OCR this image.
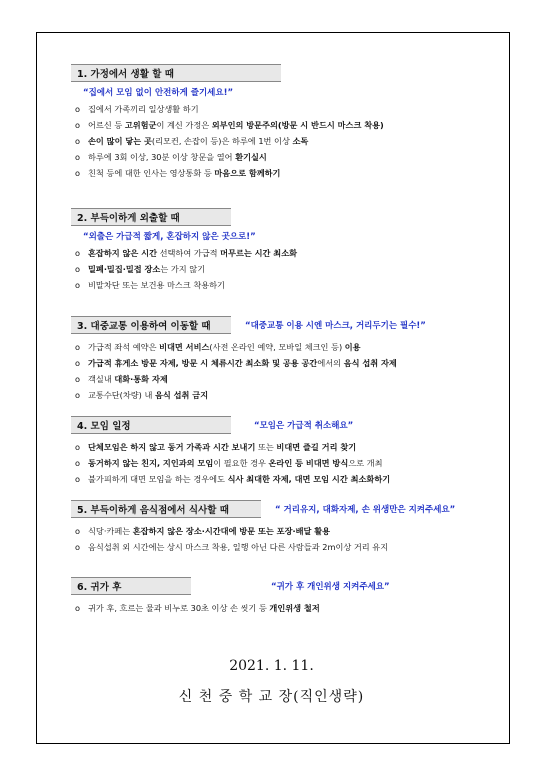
1. 가정에서 생활 할 때
“집에서 모임 없이 안전하게 즐기세요!”
o 집에서 가족끼리 일상생활 하기
o 어르신 등 고위험군이 계신 가정은 외부인의 방문주의(방문 시 반드시 마스크 착용)
o 손이 많이 닿는 곳(리모컨, 손잡이 등)은 하루에 1번 이상 소독
o 하루에 3회 이상, 30분 이상 창문을 열어 환기실시
o 친척 등에 대한 인사는 영상통화 등 마음으로 함께하기
2. 부득이하게 외출할 때
“외출은 가급적 짧게, 혼잡하지 않은 곳으로!”
o 혼잡하지 않은 시간 선택하여 가급적 머무르는 시간 최소화
o 밀폐·밀집·밀접 장소는 가지 않기
o 비말차단 또는 보건용 마스크 착용하기
3. 대중교통 이용하여 이동할 때	“대중교통 이용 시엔 마스크, 거리두기는 필수!”
o 가급적 좌석 예약은 비대면 서비스(사전 온라인 예약, 모바일 체크인 등) 이용
o 가급적 휴게소 방문 자제, 방문 시 체류시간 최소화 및 공용 공간에서의 음식 섭취 자제
o 객실내 대화·통화 자제
o 교통수단(차량) 내 음식 섭취 금지
4. 모임 일정	“모임은 가급적 취소해요”
o 단체모임은 하지 않고 동거 가족과 시간 보내기 또는 비대면 즐길 거리 찾기
o 동거하지 않는 친지, 지인과의 모임이 필요한 경우 온라인 등 비대면 방식으로 개최
o 불가피하게 대면 모임을 하는 경우에도 식사 최대한 자제, 대면 모임 시간 최소화하기
5. 부득이하게 음식점에서 식사할 때	“ 거리유지, 대화자제, 손 위생만은 지켜주세요”
o 식당·카페는 혼잡하지 않은 장소·시간대에 방문 또는 포장·배달 활용
o 음식섭취 외 시간에는 상시 마스크 착용, 일행 아닌 다른 사람들과 2m이상 거리 유지
6. 귀가 후	“귀가 후 개인위생 지켜주세요”
o 귀가 후, 흐르는 물과 비누로 30초 이상 손 씻기 등 개인위생 철저
2021. 1. 11.
신 천 중 학 교 장(직인생략)
